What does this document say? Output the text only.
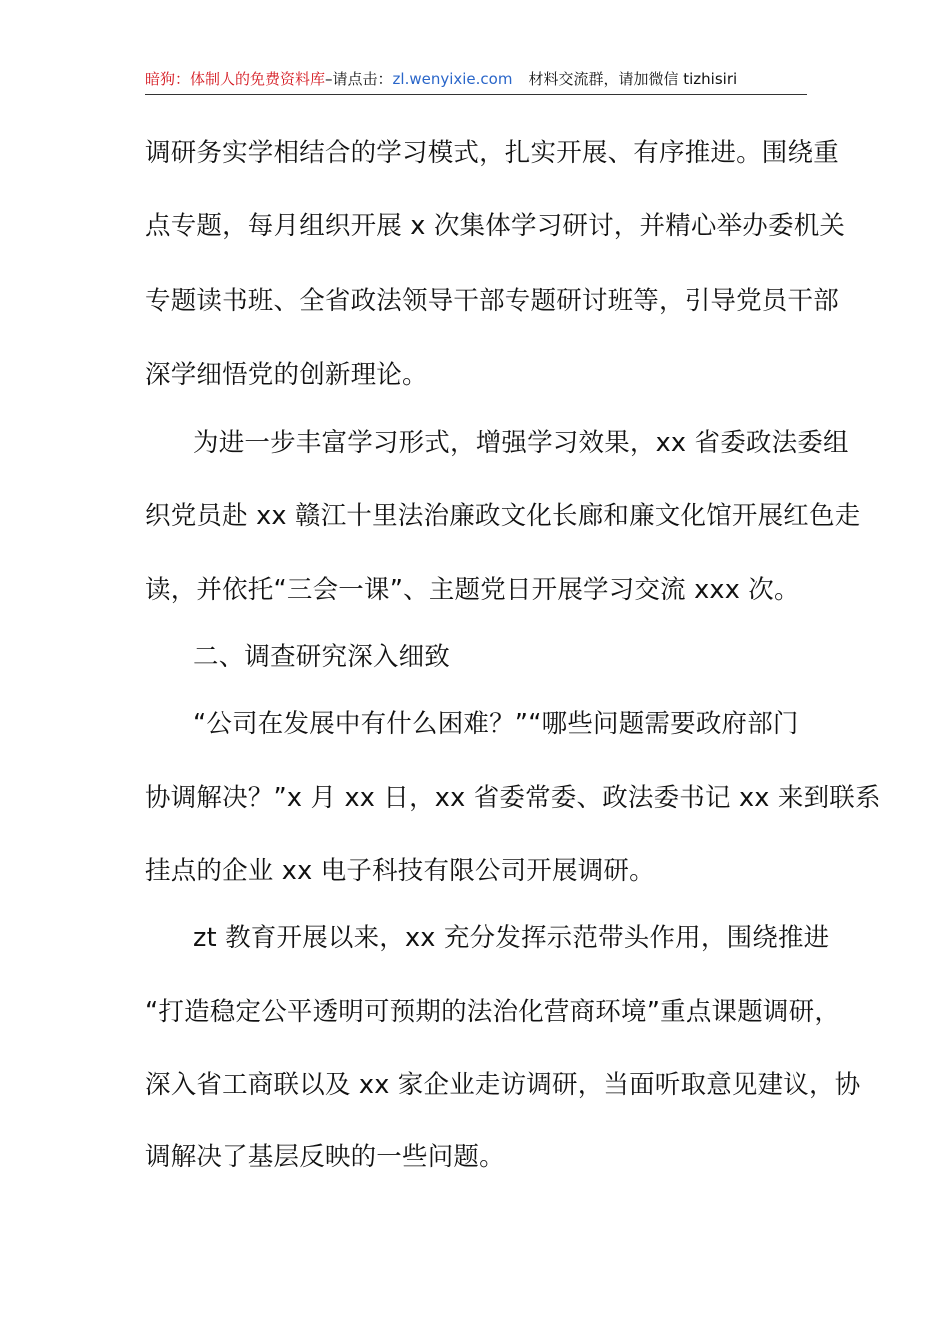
暗狗：体制人的免费资料库–请点击：zl.wenyixie.com 材料交流群，请加微信 tizhisiri
调研务实学相结合的学习模式，扎实开展、有序推进。围绕重
点专题，每月组织开展 x 次集体学习研讨，并精心举办委机关
专题读书班、全省政法领导干部专题研讨班等，引导党员干部
深学细悟党的创新理论。
为进一步丰富学习形式，增强学习效果，xx 省委政法委组
织党员赴 xx 赣江十里法治廉政文化长廊和廉文化馆开展红色走
读，并依托“三会一课”、主题党日开展学习交流 xxx 次。
二、调查研究深入细致
“公司在发展中有什么困难？”“哪些问题需要政府部门
协调解决？”x 月 xx 日，xx 省委常委、政法委书记 xx 来到联系
挂点的企业 xx 电子科技有限公司开展调研。
zt 教育开展以来，xx 充分发挥示范带头作用，围绕推进
“打造稳定公平透明可预期的法治化营商环境”重点课题调研，
深入省工商联以及 xx 家企业走访调研，当面听取意见建议，协
调解决了基层反映的一些问题。
